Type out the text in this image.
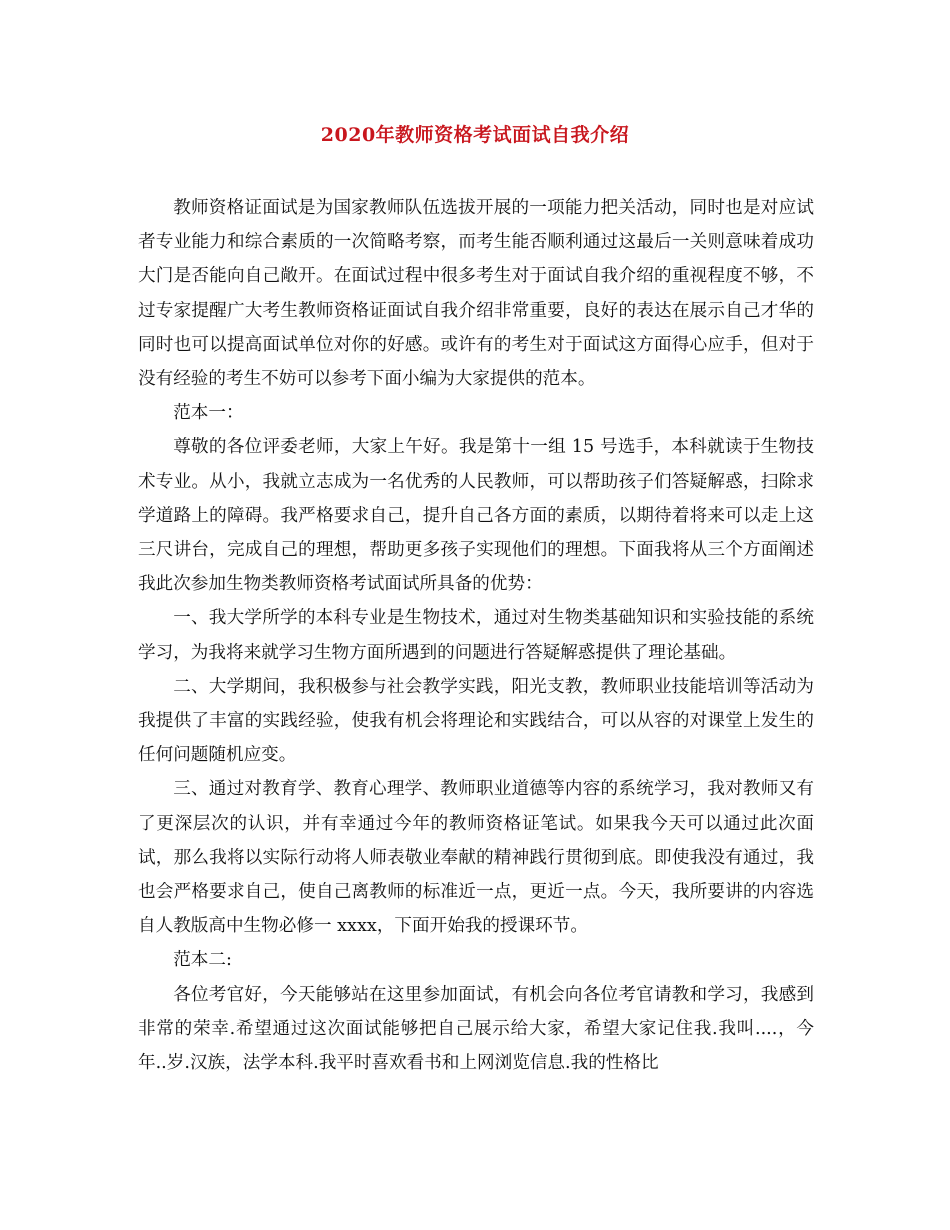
2020年教师资格考试面试自我介绍

教师资格证面试是为国家教师队伍选拔开展的一项能力把关活动，同时也是对应试者专业能力和综合素质的一次简略考察，而考生能否顺利通过这最后一关则意味着成功大门是否能向自己敞开。在面试过程中很多考生对于面试自我介绍的重视程度不够，不过专家提醒广大考生教师资格证面试自我介绍非常重要，良好的表达在展示自己才华的同时也可以提高面试单位对你的好感。或许有的考生对于面试这方面得心应手，但对于没有经验的考生不妨可以参考下面小编为大家提供的范本。

范本一：

尊敬的各位评委老师，大家上午好。我是第十一组 15 号选手，本科就读于生物技术专业。从小，我就立志成为一名优秀的人民教师，可以帮助孩子们答疑解惑，扫除求学道路上的障碍。我严格要求自己，提升自己各方面的素质，以期待着将来可以走上这三尺讲台，完成自己的理想，帮助更多孩子实现他们的理想。下面我将从三个方面阐述我此次参加生物类教师资格考试面试所具备的优势：

一、我大学所学的本科专业是生物技术，通过对生物类基础知识和实验技能的系统学习，为我将来就学习生物方面所遇到的问题进行答疑解惑提供了理论基础。

二、大学期间，我积极参与社会教学实践，阳光支教，教师职业技能培训等活动为我提供了丰富的实践经验，使我有机会将理论和实践结合，可以从容的对课堂上发生的任何问题随机应变。

三、通过对教育学、教育心理学、教师职业道德等内容的系统学习，我对教师又有了更深层次的认识，并有幸通过今年的教师资格证笔试。如果我今天可以通过此次面试，那么我将以实际行动将人师表敬业奉献的精神践行贯彻到底。即使我没有通过，我也会严格要求自己，使自己离教师的标准近一点，更近一点。今天，我所要讲的内容选自人教版高中生物必修一 xxxx，下面开始我的授课环节。

范本二:

各位考官好，今天能够站在这里参加面试，有机会向各位考官请教和学习，我感到非常的荣幸.希望通过这次面试能够把自己展示给大家，希望大家记住我.我叫....，今年..岁.汉族，法学本科.我平时喜欢看书和上网浏览信息.我的性格比
